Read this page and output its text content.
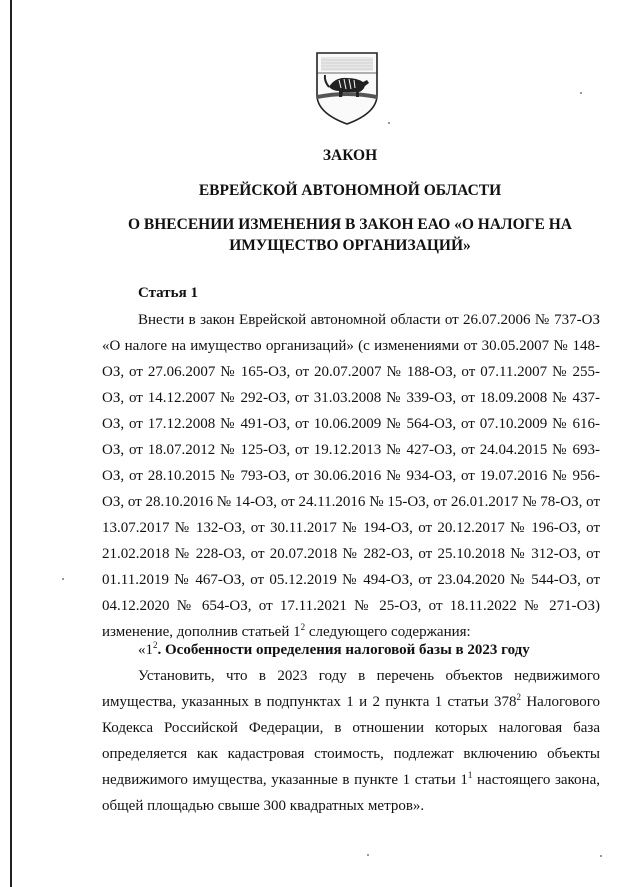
ЗАКОН
ЕВРЕЙСКОЙ АВТОНОМНОЙ ОБЛАСТИ
О ВНЕСЕНИИ ИЗМЕНЕНИЯ В ЗАКОН ЕАО «О НАЛОГЕ НА ИМУЩЕСТВО ОРГАНИЗАЦИЙ»

Статья 1

Внести в закон Еврейской автономной области от 26.07.2006 № 737-ОЗ «О налоге на имущество организаций» (с изменениями от 30.05.2007 № 148-ОЗ, от 27.06.2007 № 165-ОЗ, от 20.07.2007 № 188-ОЗ, от 07.11.2007 № 255-ОЗ, от 14.12.2007 № 292-ОЗ, от 31.03.2008 № 339-ОЗ, от 18.09.2008 № 437-ОЗ, от 17.12.2008 № 491-ОЗ, от 10.06.2009 № 564-ОЗ, от 07.10.2009 № 616-ОЗ, от 18.07.2012 № 125-ОЗ, от 19.12.2013 № 427-ОЗ, от 24.04.2015 № 693-ОЗ, от 28.10.2015 № 793-ОЗ, от 30.06.2016 № 934-ОЗ, от 19.07.2016 № 956-ОЗ, от 28.10.2016 № 14-ОЗ, от 24.11.2016 № 15-ОЗ, от 26.01.2017 № 78-ОЗ, от 13.07.2017 № 132-ОЗ, от 30.11.2017 № 194-ОЗ, от 20.12.2017 № 196-ОЗ, от 21.02.2018 № 228-ОЗ, от 20.07.2018 № 282-ОЗ, от 25.10.2018 № 312-ОЗ, от 01.11.2019 № 467-ОЗ, от 05.12.2019 № 494-ОЗ, от 23.04.2020 № 544-ОЗ, от 04.12.2020 № 654-ОЗ, от 17.11.2021 № 25-ОЗ, от 18.11.2022 № 271-ОЗ) изменение, дополнив статьей $1^2$ следующего содержания:

«$1^2$. Особенности определения налоговой базы в 2023 году

Установить, что в 2023 году в перечень объектов недвижимого имущества, указанных в подпунктах 1 и 2 пункта 1 статьи $378^2$ Налогового Кодекса Российской Федерации, в отношении которых налоговая база определяется как кадастровая стоимость, подлежат включению объекты недвижимого имущества, указанные в пункте 1 статьи $1^1$ настоящего закона, общей площадью свыше 300 квадратных метров».
